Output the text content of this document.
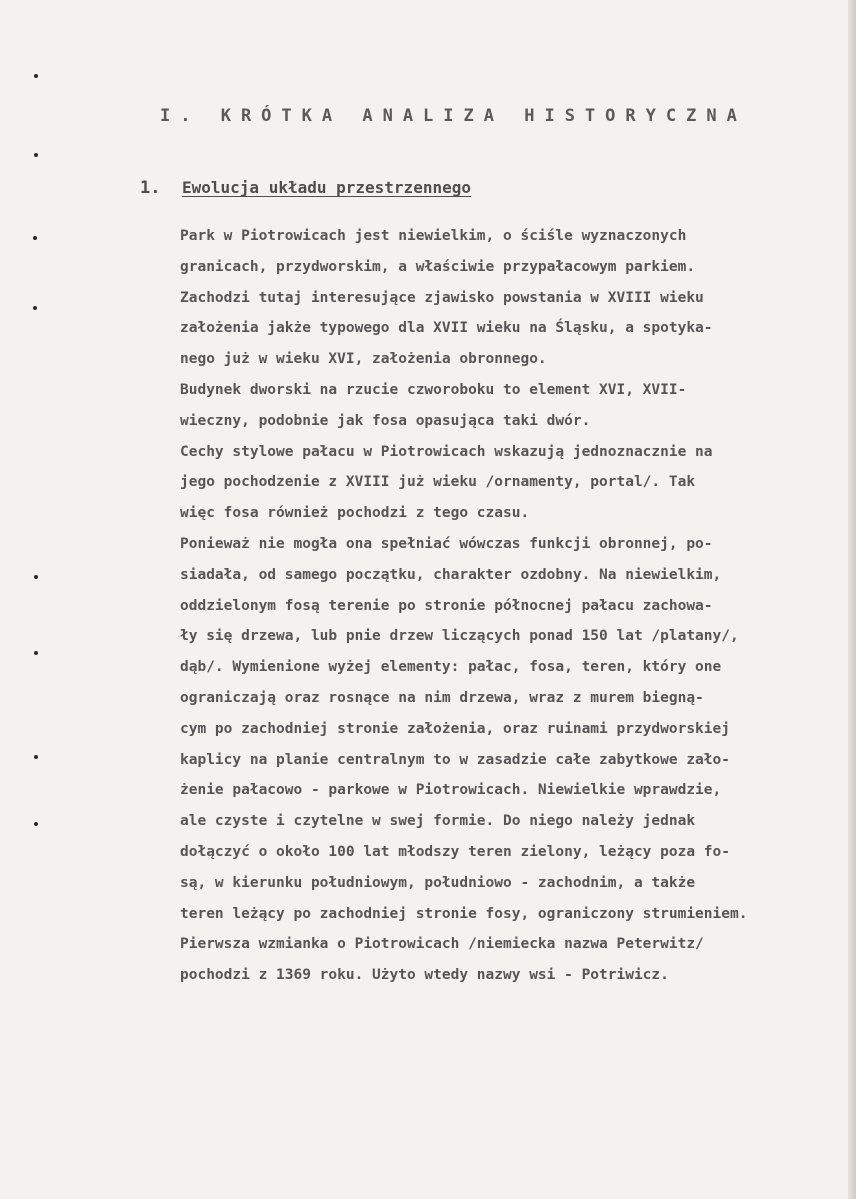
I. KRÓTKA ANALIZA HISTORYCZNA
1. Ewolucja układu przestrzennego
Park w Piotrowicach jest niewielkim, o ściśle wyznaczonych
granicach, przydworskim, a właściwie przypałacowym parkiem.
Zachodzi tutaj interesujące zjawisko powstania w XVIII wieku
założenia jakże typowego dla XVII wieku na Śląsku, a spotyka-
nego już w wieku XVI, założenia obronnego.
Budynek dworski na rzucie czworoboku to element XVI, XVII-
wieczny, podobnie jak fosa opasująca taki dwór.
Cechy stylowe pałacu w Piotrowicach wskazują jednoznacznie na
jego pochodzenie z XVIII już wieku /ornamenty, portal/. Tak
więc fosa również pochodzi z tego czasu.
Ponieważ nie mogła ona spełniać wówczas funkcji obronnej, po-
siadała, od samego początku, charakter ozdobny. Na niewielkim,
oddzielonym fosą terenie po stronie północnej pałacu zachowa-
ły się drzewa, lub pnie drzew liczących ponad 150 lat /platany/,
dąb/. Wymienione wyżej elementy: pałac, fosa, teren, który one
ograniczają oraz rosnące na nim drzewa, wraz z murem biegną-
cym po zachodniej stronie założenia, oraz ruinami przydworskiej
kaplicy na planie centralnym to w zasadzie całe zabytkowe zało-
żenie pałacowo - parkowe w Piotrowicach. Niewielkie wprawdzie,
ale czyste i czytelne w swej formie. Do niego należy jednak
dołączyć o około 100 lat młodszy teren zielony, leżący poza fo-
są, w kierunku południowym, południowo - zachodnim, a także
teren leżący po zachodniej stronie fosy, ograniczony strumieniem.
Pierwsza wzmianka o Piotrowicach /niemiecka nazwa Peterwitz/
pochodzi z 1369 roku. Użyto wtedy nazwy wsi - Potriwicz.
